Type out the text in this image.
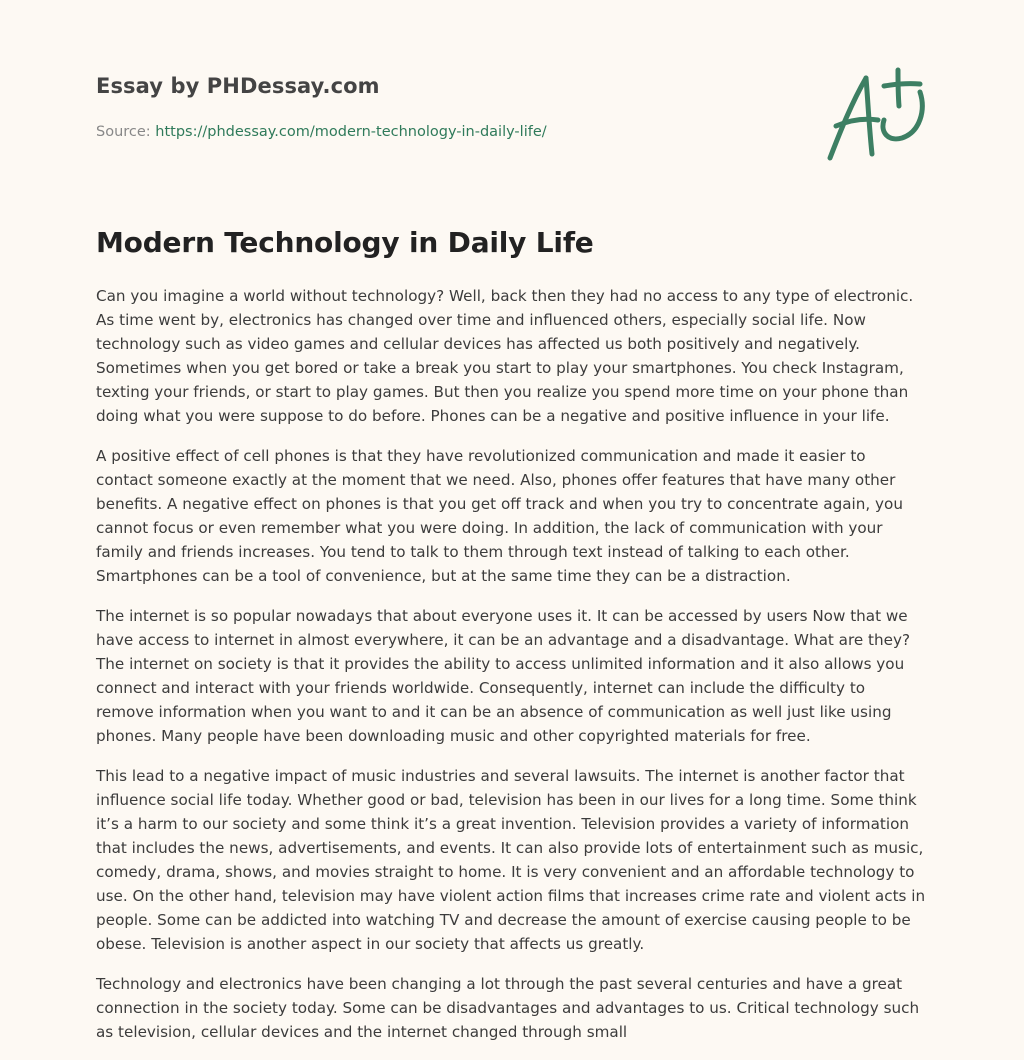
Essay by PHDessay.com

Source: https://phdessay.com/modern-technology-in-daily-life/
Modern Technology in Daily Life

Can you imagine a world without technology? Well, back then they had no access to any type of electronic. As time went by, electronics has changed over time and influenced others, especially social life. Now technology such as video games and cellular devices has affected us both positively and negatively. Sometimes when you get bored or take a break you start to play your smartphones. You check Instagram, texting your friends, or start to play games. But then you realize you spend more time on your phone than doing what you were suppose to do before. Phones can be a negative and positive influence in your life.

A positive effect of cell phones is that they have revolutionized communication and made it easier to contact someone exactly at the moment that we need. Also, phones offer features that have many other benefits. A negative effect on phones is that you get off track and when you try to concentrate again, you cannot focus or even remember what you were doing. In addition, the lack of communication with your family and friends increases. You tend to talk to them through text instead of talking to each other. Smartphones can be a tool of convenience, but at the same time they can be a distraction.

The internet is so popular nowadays that about everyone uses it. It can be accessed by users Now that we have access to internet in almost everywhere, it can be an advantage and a disadvantage. What are they? The internet on society is that it provides the ability to access unlimited information and it also allows you connect and interact with your friends worldwide. Consequently, internet can include the difficulty to remove information when you want to and it can be an absence of communication as well just like using phones. Many people have been downloading music and other copyrighted materials for free.

This lead to a negative impact of music industries and several lawsuits. The internet is another factor that influence social life today. Whether good or bad, television has been in our lives for a long time. Some think it’s a harm to our society and some think it’s a great invention. Television provides a variety of information that includes the news, advertisements, and events. It can also provide lots of entertainment such as music, comedy, drama, shows, and movies straight to home. It is very convenient and an affordable technology to use. On the other hand, television may have violent action films that increases crime rate and violent acts in people. Some can be addicted into watching TV and decrease the amount of exercise causing people to be obese. Television is another aspect in our society that affects us greatly.

Technology and electronics have been changing a lot through the past several centuries and have a great connection in the society today. Some can be disadvantages and advantages to us. Critical technology such as television, cellular devices and the internet changed through small
